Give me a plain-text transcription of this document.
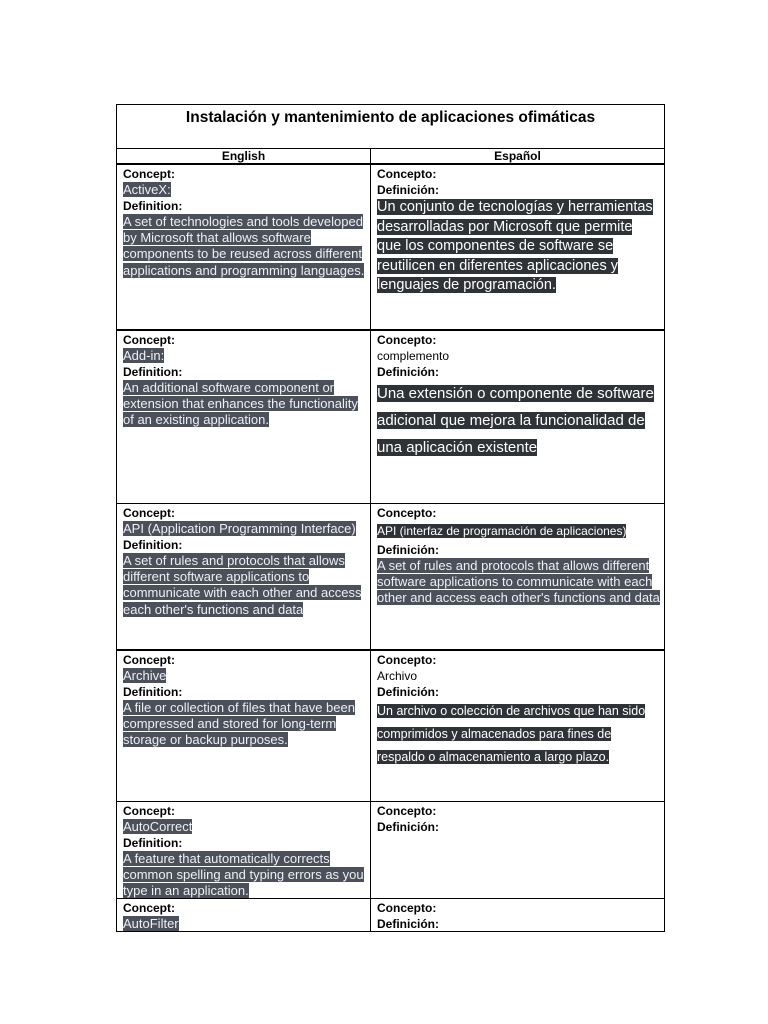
Instalación y mantenimiento de aplicaciones ofimáticas
English	Español
Concept:
ActiveX:
Definition:
A set of technologies and tools developed by Microsoft that allows software components to be reused across different applications and programming languages.
Concepto:
Definición:
Un conjunto de tecnologías y herramientas desarrolladas por Microsoft que permite que los componentes de software se reutilicen en diferentes aplicaciones y lenguajes de programación.
Concept:
Add-in:
Definition:
An additional software component or extension that enhances the functionality of an existing application.
Concepto:
complemento
Definición:
Una extensión o componente de software adicional que mejora la funcionalidad de una aplicación existente
Concept:
API (Application Programming Interface)
Definition:
A set of rules and protocols that allows different software applications to communicate with each other and access each other's functions and data
Concepto:
API (interfaz de programación de aplicaciones)
Definición:
A set of rules and protocols that allows different software applications to communicate with each other and access each other's functions and data
Concept:
Archive
Definition:
A file or collection of files that have been compressed and stored for long-term storage or backup purposes.
Concepto:
Archivo
Definición:
Un archivo o colección de archivos que han sido comprimidos y almacenados para fines de respaldo o almacenamiento a largo plazo.
Concept:
AutoCorrect
Definition:
A feature that automatically corrects common spelling and typing errors as you type in an application.
Concepto:
Definición:
Concept:
AutoFilter
Concepto:
Definición:
